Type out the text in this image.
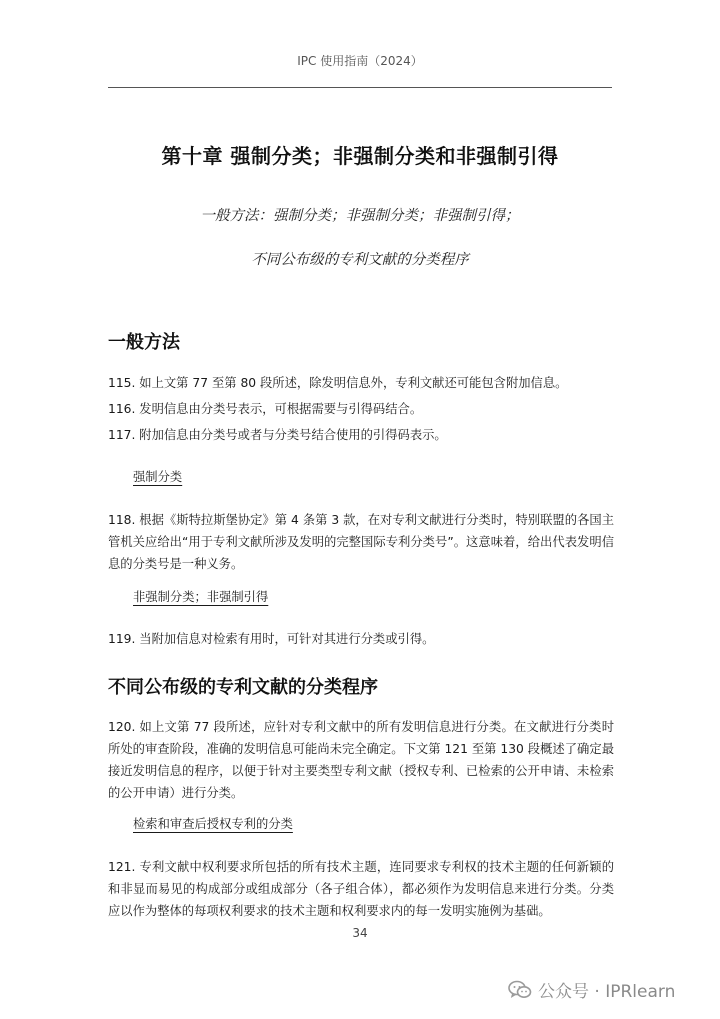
IPC 使用指南（2024）
第十章 强制分类；非强制分类和非强制引得
一般方法：强制分类；非强制分类；非强制引得；
不同公布级的专利文献的分类程序
一般方法
115. 如上文第 77 至第 80 段所述，除发明信息外，专利文献还可能包含附加信息。
116. 发明信息由分类号表示，可根据需要与引得码结合。
117. 附加信息由分类号或者与分类号结合使用的引得码表示。
强制分类
118. 根据《斯特拉斯堡协定》第 4 条第 3 款，在对专利文献进行分类时，特别联盟的各国主管机关应给出“用于专利文献所涉及发明的完整国际专利分类号”。这意味着，给出代表发明信息的分类号是一种义务。
非强制分类；非强制引得
119. 当附加信息对检索有用时，可针对其进行分类或引得。
不同公布级的专利文献的分类程序
120. 如上文第 77 段所述，应针对专利文献中的所有发明信息进行分类。在文献进行分类时所处的审查阶段，准确的发明信息可能尚未完全确定。下文第 121 至第 130 段概述了确定最接近发明信息的程序，以便于针对主要类型专利文献（授权专利、已检索的公开申请、未检索的公开申请）进行分类。
检索和审查后授权专利的分类
121. 专利文献中权利要求所包括的所有技术主题，连同要求专利权的技术主题的任何新颖的和非显而易见的构成部分或组成部分（各子组合体），都必须作为发明信息来进行分类。分类应以作为整体的每项权利要求的技术主题和权利要求内的每一发明实施例为基础。
34
公众号 · IPRlearn
